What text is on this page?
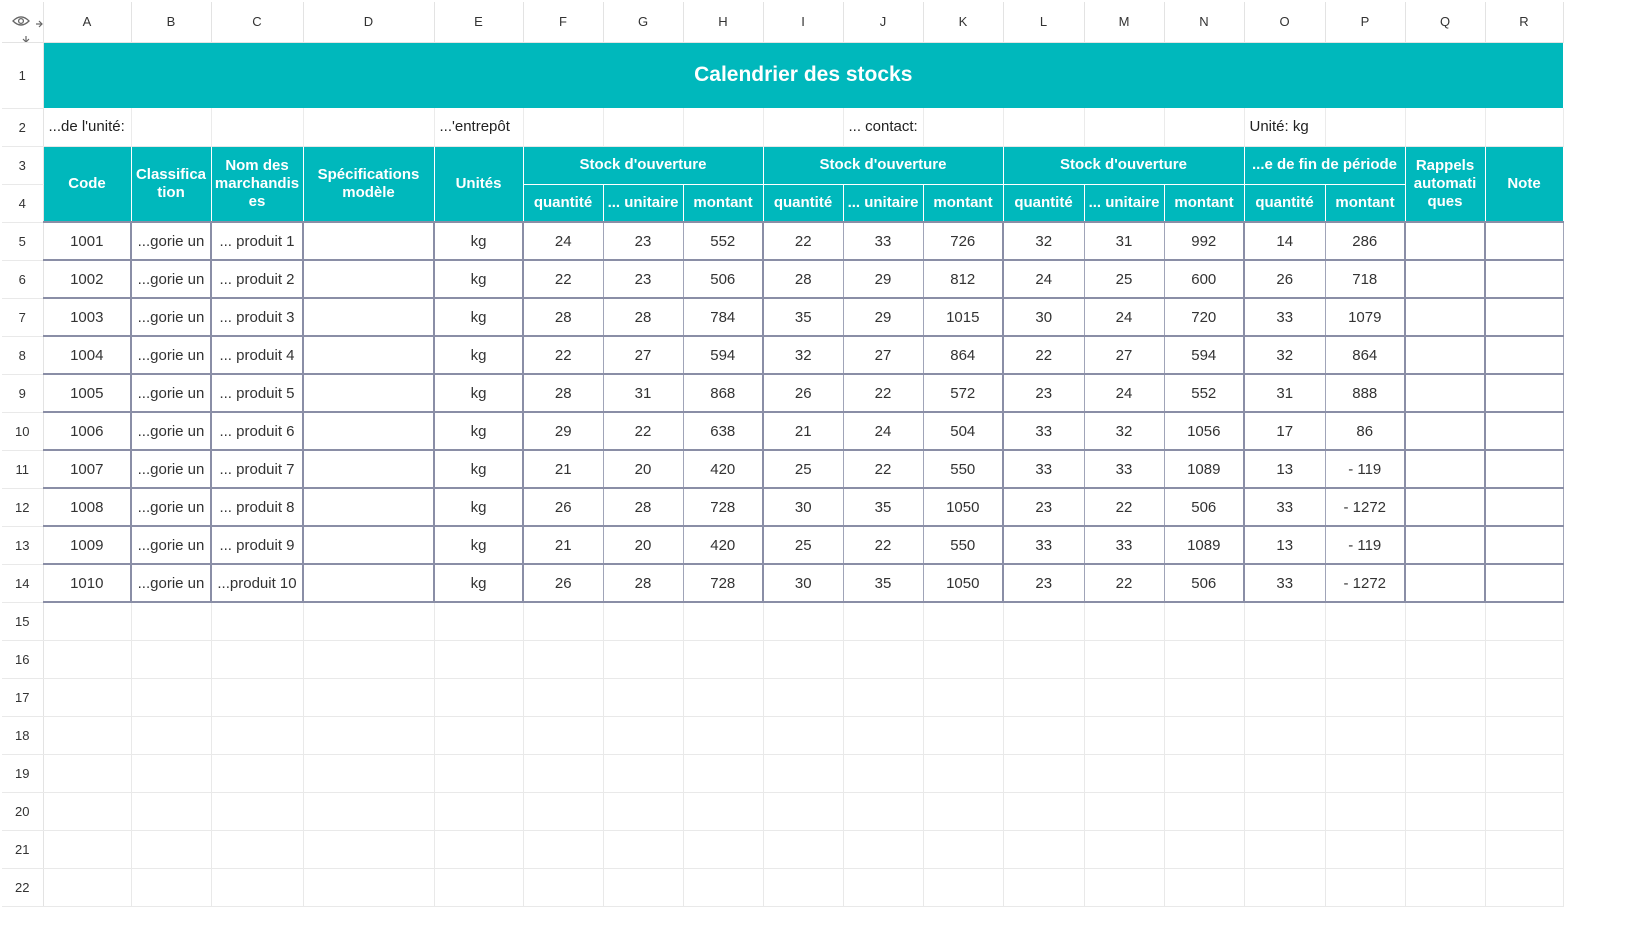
	A	B	C	D	E	F	G	H	I	J	K	L	M	N	O	P	Q	R
1	Calendrier des stocks																	
2	...de l'unité:				...'entrepôt					... contact:					Unité: kg			
3	Code	Classifica tion	Nom des marchandis es	Spécifications modèle	Unités	Stock d'ouverture			Stock d'ouverture			Stock d'ouverture			...e de fin de période		Rappels automati ques	Note
4						quantité	... unitaire	montant	quantité	... unitaire	montant	quantité	... unitaire	montant	quantité	montant		
5	1001	...gorie un	... produit 1		kg	24	23	552	22	33	726	32	31	992	14	286		
6	1002	...gorie un	... produit 2		kg	22	23	506	28	29	812	24	25	600	26	718		
7	1003	...gorie un	... produit 3		kg	28	28	784	35	29	1015	30	24	720	33	1079		
8	1004	...gorie un	... produit 4		kg	22	27	594	32	27	864	22	27	594	32	864		
9	1005	...gorie un	... produit 5		kg	28	31	868	26	22	572	23	24	552	31	888		
10	1006	...gorie un	... produit 6		kg	29	22	638	21	24	504	33	32	1056	17	86		
11	1007	...gorie un	... produit 7		kg	21	20	420	25	22	550	33	33	1089	13	- 119		
12	1008	...gorie un	... produit 8		kg	26	28	728	30	35	1050	23	22	506	33	- 1272		
13	1009	...gorie un	... produit 9		kg	21	20	420	25	22	550	33	33	1089	13	- 119		
14	1010	...gorie un	...produit 10		kg	26	28	728	30	35	1050	23	22	506	33	- 1272		
15																		
16																		
17																		
18																		
19																		
20																		
21																		
22																		
